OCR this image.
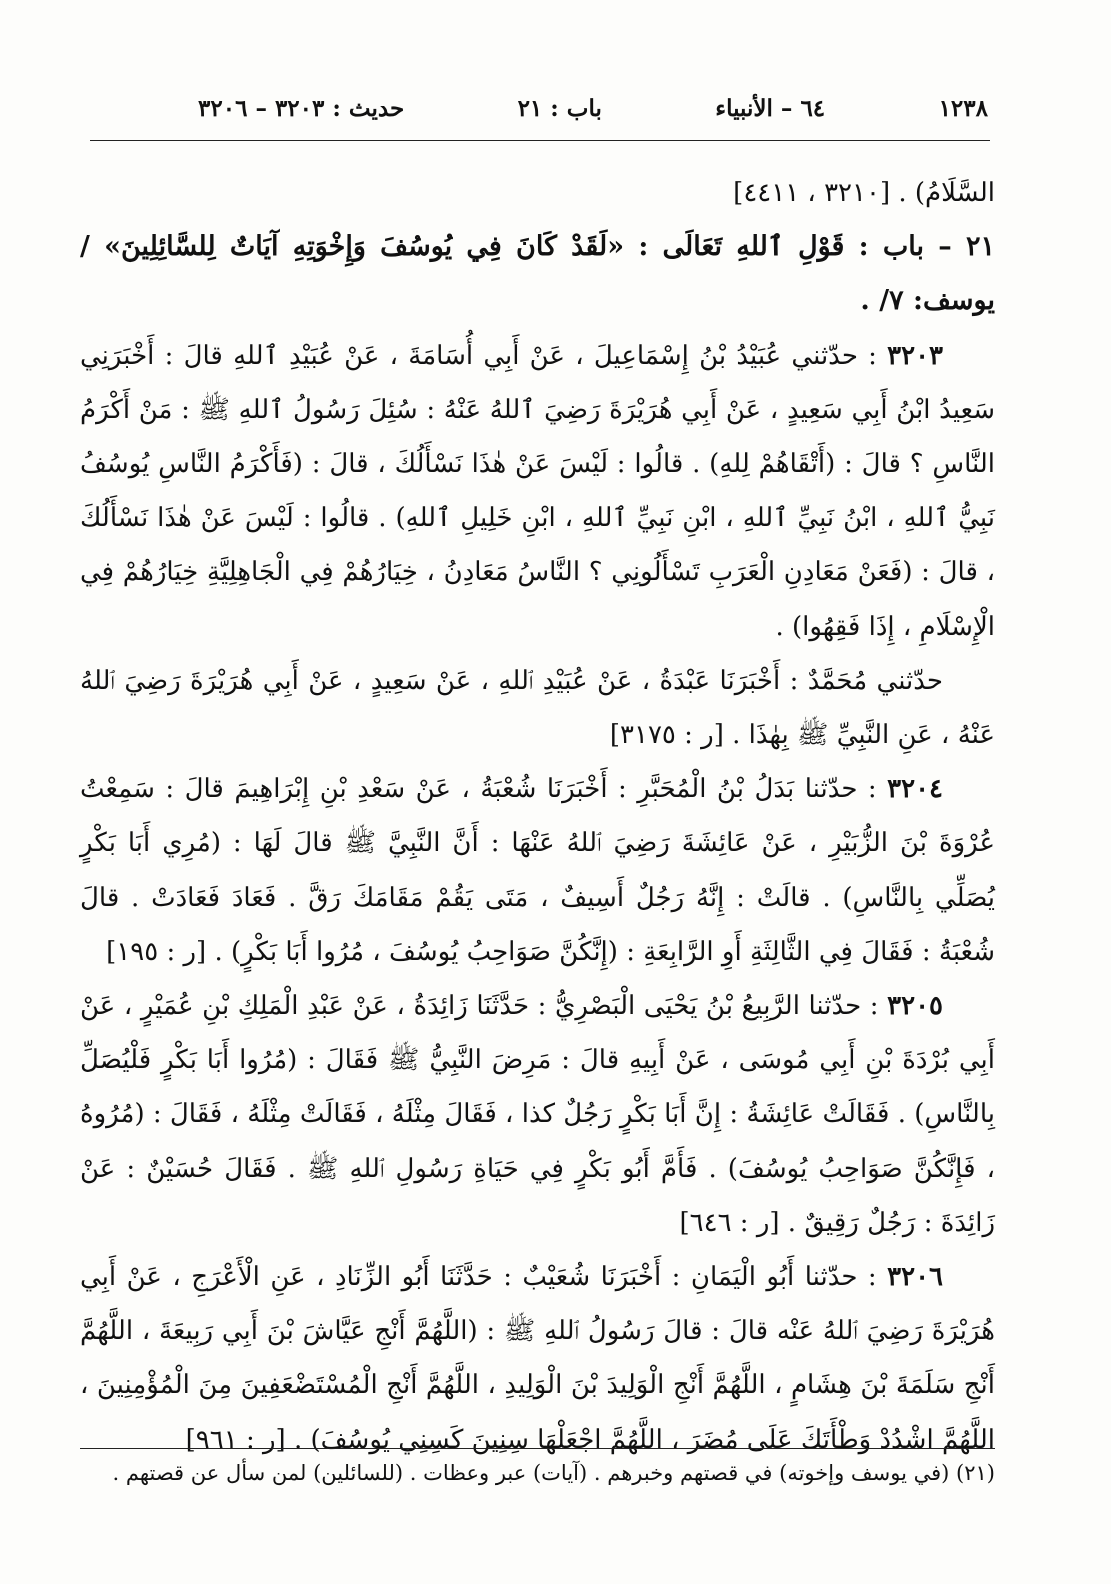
١٢٣٨
٦٤ – الأنبياء
باب : ٢١
حديث : ٣٢٠٣ – ٣٢٠٦

السَّلَامُ) . [٣٢١٠ ، ٤٤١١]

٢١ – باب : قَوْلِ ٱللهِ تَعَالَى : «لَقَدْ كَانَ فِي يُوسُفَ وَإِخْوَتِهِ آيَاتٌ لِلسَّائِلِينَ» /يوسف: ٧/ .

٣٢٠٣ : حدّثني عُبَيْدُ بْنُ إِسْمَاعِيلَ ، عَنْ أَبِي أُسَامَةَ ، عَنْ عُبَيْدِ ٱللهِ قالَ : أَخْبَرَنِي سَعِيدُ ابْنُ أَبِي سَعِيدٍ ، عَنْ أَبِي هُرَيْرَةَ رَضِيَ ٱللهُ عَنْهُ : سُئِلَ رَسُولُ ٱللهِ ﷺ : مَنْ أَكْرَمُ النَّاسِ ؟ قالَ : (أَتْقَاهُمْ لِلهِ) . قالُوا : لَيْسَ عَنْ هٰذَا نَسْأَلُكَ ، قالَ : (فَأَكْرَمُ النَّاسِ يُوسُفُ نَبِيُّ ٱللهِ ، ابْنُ نَبِيِّ ٱللهِ ، ابْنِ نَبِيِّ ٱللهِ ، ابْنِ خَلِيلِ ٱللهِ) . قالُوا : لَيْسَ عَنْ هٰذَا نَسْأَلُكَ ، قالَ : (فَعَنْ مَعَادِنِ الْعَرَبِ تَسْأَلُونِي ؟ النَّاسُ مَعَادِنُ ، خِيَارُهُمْ فِي الْجَاهِلِيَّةِ خِيَارُهُمْ فِي الْإِسْلَامِ ، إِذَا فَقِهُوا) .

حدّثني مُحَمَّدٌ : أَخْبَرَنَا عَبْدَةُ ، عَنْ عُبَيْدِ ٱللهِ ، عَنْ سَعِيدٍ ، عَنْ أَبِي هُرَيْرَةَ رَضِيَ ٱللهُ عَنْهُ ، عَنِ النَّبِيِّ ﷺ بِهٰذَا . [ر : ٣١٧٥]

٣٢٠٤ : حدّثنا بَدَلُ بْنُ الْمُحَبَّرِ : أَخْبَرَنَا شُعْبَةُ ، عَنْ سَعْدِ بْنِ إِبْرَاهِيمَ قالَ : سَمِعْتُ عُرْوَةَ بْنَ الزُّبَيْرِ ، عَنْ عَائِشَةَ رَضِيَ ٱللهُ عَنْهَا : أَنَّ النَّبِيَّ ﷺ قالَ لَهَا : (مُرِي أَبَا بَكْرٍ يُصَلِّي بِالنَّاسِ) . قالَتْ : إِنَّهُ رَجُلٌ أَسِيفٌ ، مَتَى يَقُمْ مَقَامَكَ رَقَّ . فَعَادَ فَعَادَتْ . قالَ شُعْبَةُ : فَقَالَ فِي الثَّالِثَةِ أَوِ الرَّابِعَةِ : (إِنَّكُنَّ صَوَاحِبُ يُوسُفَ ، مُرُوا أَبَا بَكْرٍ) . [ر : ١٩٥]

٣٢٠٥ : حدّثنا الرَّبِيعُ بْنُ يَحْيَى الْبَصْرِيُّ : حَدَّثَنَا زَائِدَةُ ، عَنْ عَبْدِ الْمَلِكِ بْنِ عُمَيْرٍ ، عَنْ أَبِي بُرْدَةَ بْنِ أَبِي مُوسَى ، عَنْ أَبِيهِ قالَ : مَرِضَ النَّبِيُّ ﷺ فَقَالَ : (مُرُوا أَبَا بَكْرٍ فَلْيُصَلِّ بِالنَّاسِ) . فَقَالَتْ عَائِشَةُ : إِنَّ أَبَا بَكْرٍ رَجُلٌ كذا ، فَقَالَ مِثْلَهُ ، فَقَالَتْ مِثْلَهُ ، فَقَالَ : (مُرُوهُ ، فَإِنَّكُنَّ صَوَاحِبُ يُوسُفَ) . فَأَمَّ أَبُو بَكْرٍ فِي حَيَاةِ رَسُولِ ٱللهِ ﷺ . فَقَالَ حُسَيْنٌ : عَنْ زَائِدَةَ : رَجُلٌ رَقِيقٌ . [ر : ٦٤٦]

٣٢٠٦ : حدّثنا أَبُو الْيَمَانِ : أَخْبَرَنَا شُعَيْبٌ : حَدَّثَنَا أَبُو الزِّنَادِ ، عَنِ الْأَعْرَجِ ، عَنْ أَبِي هُرَيْرَةَ رَضِيَ ٱللهُ عَنْه قالَ : قالَ رَسُولُ ٱللهِ ﷺ : (اللَّهُمَّ أَنْجِ عَيَّاشَ بْنَ أَبِي رَبِيعَةَ ، اللَّهُمَّ أَنْجِ سَلَمَةَ بْنَ هِشَامٍ ، اللَّهُمَّ أَنْجِ الْوَلِيدَ بْنَ الْوَلِيدِ ، اللَّهُمَّ أَنْجِ الْمُسْتَضْعَفِينَ مِنَ الْمُؤْمِنِينَ ، اللَّهُمَّ اشْدُدْ وَطْأَتَكَ عَلَى مُضَرَ ، اللَّهُمَّ اجْعَلْهَا سِنِينَ كَسِنِي يُوسُفَ) . [ر : ٩٦١]

(٢١) (في يوسف وإخوته) في قصتهم وخبرهم . (آيات) عبر وعظات . (للسائلين) لمن سأل عن قصتهم .
